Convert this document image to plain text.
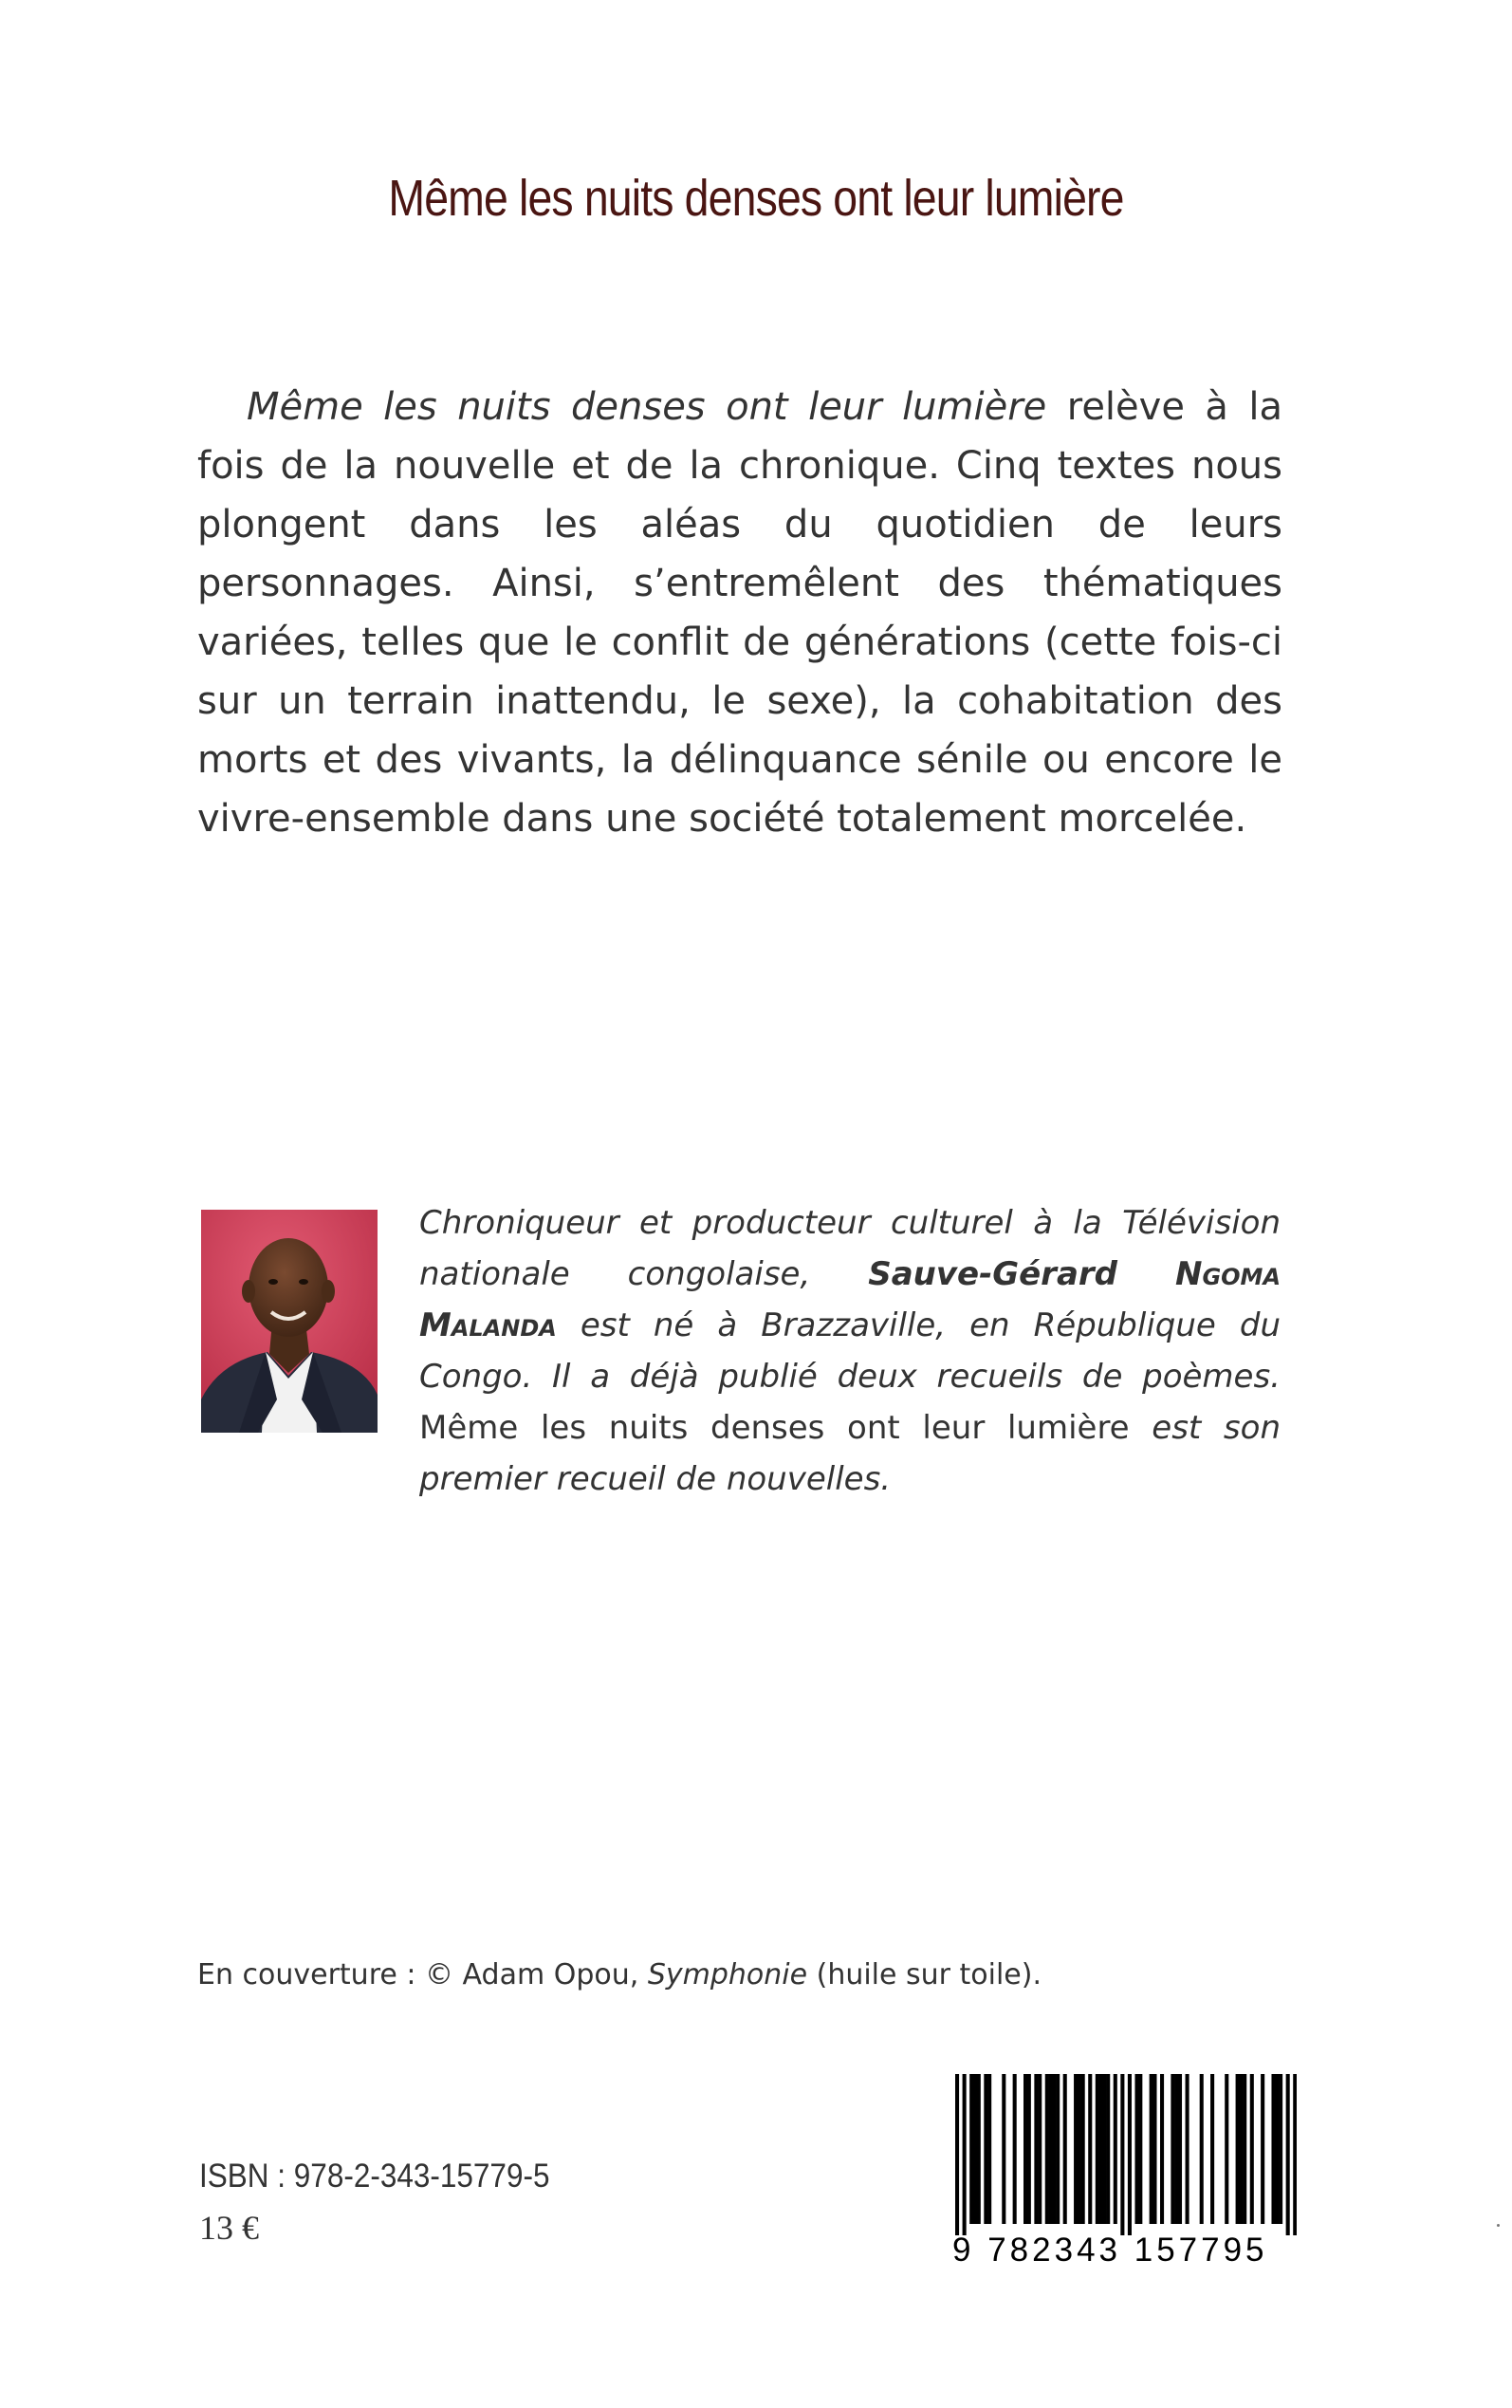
Même les nuits denses ont leur lumière

Même les nuits denses ont leur lumière relève à la fois de la nouvelle et de la chronique. Cinq textes nous plongent dans les aléas du quotidien de leurs personnages. Ainsi, s’entremêlent des thématiques variées, telles que le conflit de générations (cette fois-ci sur un terrain inattendu, le sexe), la cohabitation des morts et des vivants, la délinquance sénile ou encore le vivre-ensemble dans une société totalement morcelée.

Chroniqueur et producteur culturel à la Télévision nationale congolaise, Sauve-Gérard Ngoma Malanda est né à Brazzaville, en République du Congo. Il a déjà publié deux recueils de poèmes. Même les nuits denses ont leur lumière est son premier recueil de nouvelles.

En couverture : © Adam Opou, Symphonie (huile sur toile).

ISBN : 978-2-343-15779-5
13 €
9 782343 157795
